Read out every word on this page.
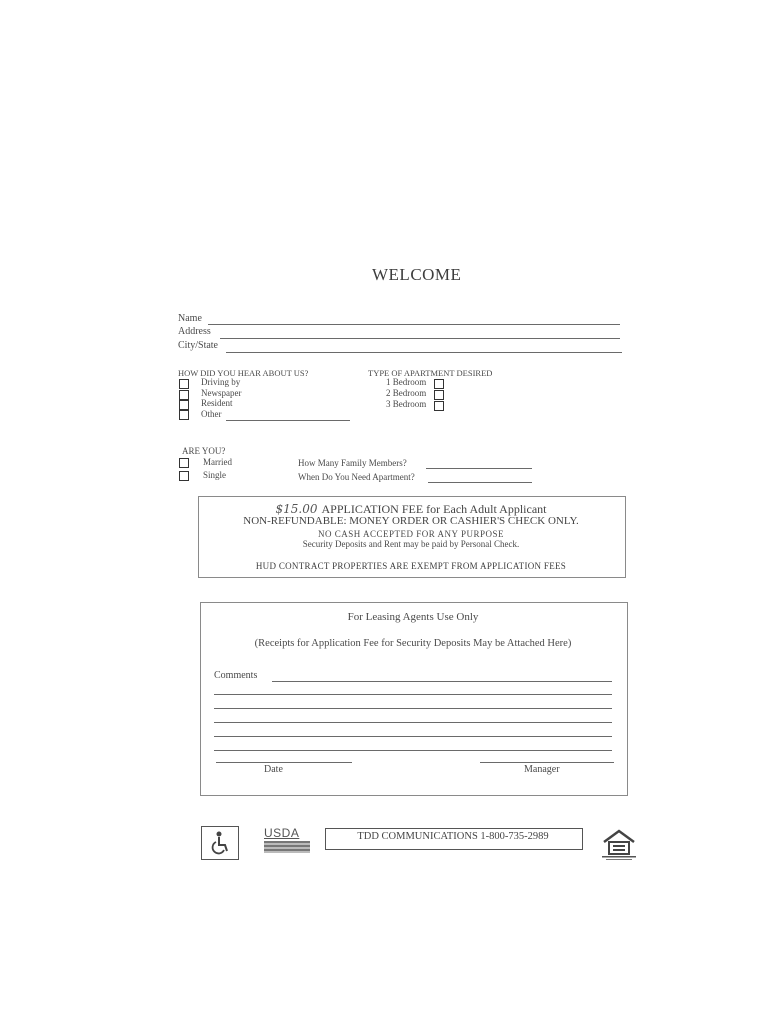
WELCOME
Name
Address
City/State
HOW DID YOU HEAR ABOUT US?
Driving by
Newspaper
Resident
Other
TYPE OF APARTMENT DESIRED
1 Bedroom
2 Bedroom
3 Bedroom
ARE YOU?
Married
Single
How Many Family Members?
When Do You Need Apartment?
$15.00 APPLICATION FEE for Each Adult Applicant
NON-REFUNDABLE: MONEY ORDER OR CASHIER'S CHECK ONLY.
NO CASH ACCEPTED FOR ANY PURPOSE
Security Deposits and Rent may be paid by Personal Check.
HUD CONTRACT PROPERTIES ARE EXEMPT FROM APPLICATION FEES
For Leasing Agents Use Only
(Receipts for Application Fee for Security Deposits May be Attached Here)
Comments
Date	Manager
USDA	TDD COMMUNICATIONS 1-800-735-2989
